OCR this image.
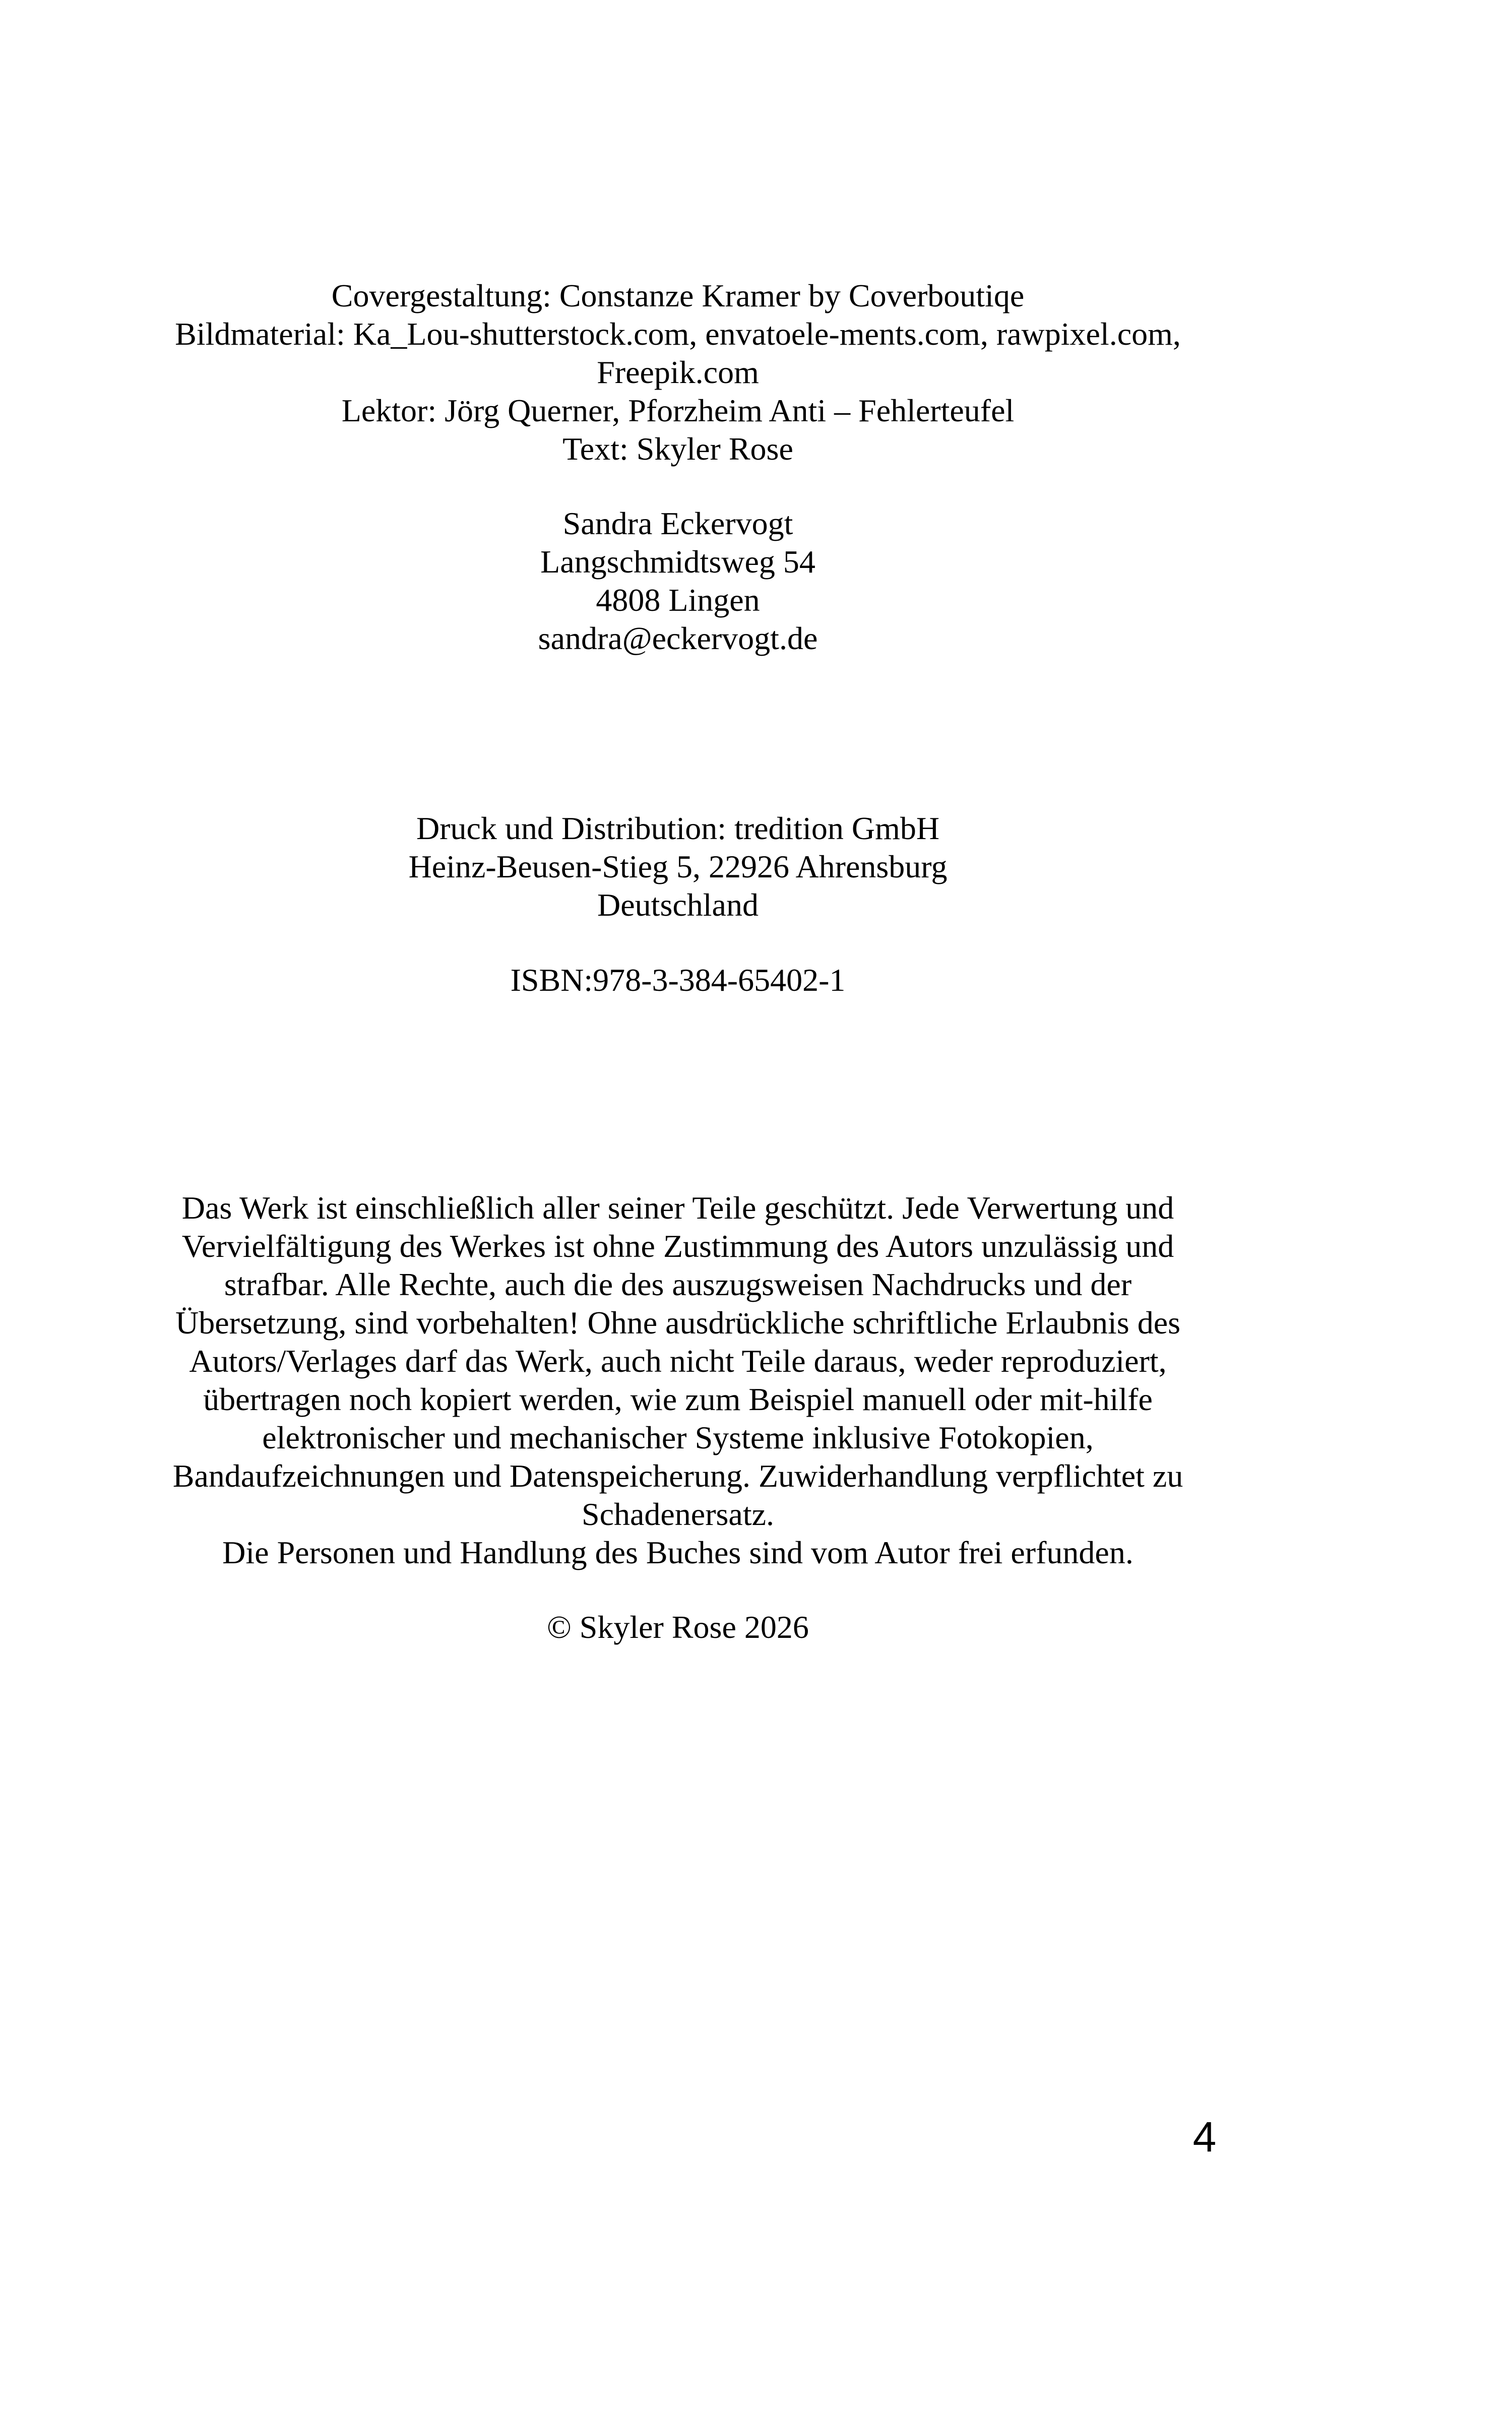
Covergestaltung: Constanze Kramer by Coverboutiqe
Bildmaterial: Ka_Lou-shutterstock.com, envatoele-ments.com, rawpixel.com,
Freepik.com
Lektor: Jörg Querner, Pforzheim Anti – Fehlerteufel
Text: Skyler Rose
Sandra Eckervogt
Langschmidtsweg 54
4808 Lingen
sandra@eckervogt.de
Druck und Distribution: tredition GmbH
Heinz-Beusen-Stieg 5, 22926 Ahrensburg
Deutschland
ISBN:978-3-384-65402-1
Das Werk ist einschließlich aller seiner Teile geschützt. Jede Verwertung und
Vervielfältigung des Werkes ist ohne Zustimmung des Autors unzulässig und
strafbar. Alle Rechte, auch die des auszugsweisen Nachdrucks und der
Übersetzung, sind vorbehalten! Ohne ausdrückliche schriftliche Erlaubnis des
Autors/Verlages darf das Werk, auch nicht Teile daraus, weder reproduziert,
übertragen noch kopiert werden, wie zum Beispiel manuell oder mit-hilfe
elektronischer und mechanischer Systeme inklusive Fotokopien,
Bandaufzeichnungen und Datenspeicherung. Zuwiderhandlung verpflichtet zu
Schadenersatz.
Die Personen und Handlung des Buches sind vom Autor frei erfunden.
© Skyler Rose 2026
4
